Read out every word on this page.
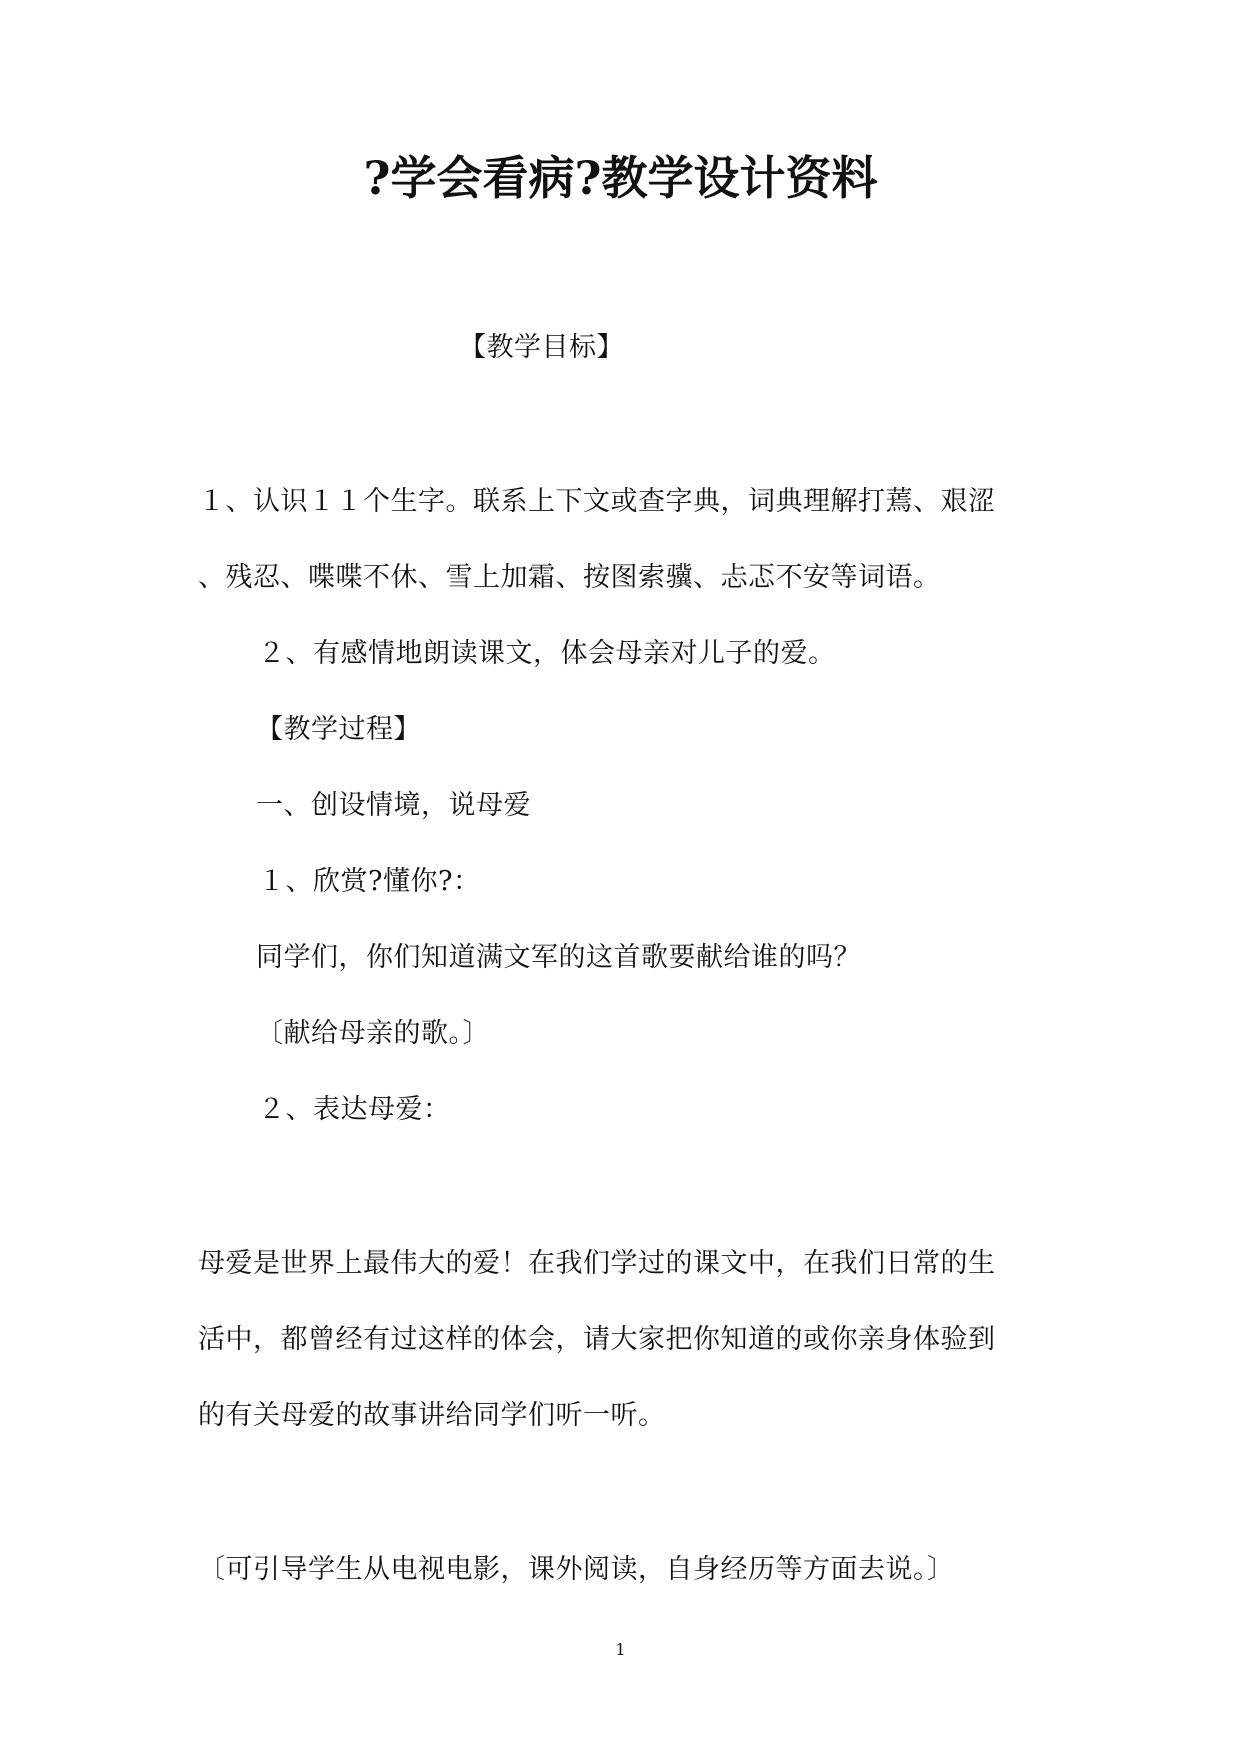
?学会看病?教学设计资料
【教学目标】
１、认识１１个生字。联系上下文或查字典，词典理解打蔫、艰涩
、残忍、喋喋不休、雪上加霜、按图索骥、忐忑不安等词语。
２、有感情地朗读课文，体会母亲对儿子的爱。
【教学过程】
一、创设情境，说母爱
１、欣赏?懂你?：
同学们，你们知道满文军的这首歌要献给谁的吗？
〔献给母亲的歌。〕
２、表达母爱：
母爱是世界上最伟大的爱！在我们学过的课文中，在我们日常的生
活中，都曾经有过这样的体会，请大家把你知道的或你亲身体验到
的有关母爱的故事讲给同学们听一听。
〔可引导学生从电视电影，课外阅读，自身经历等方面去说。〕
1
